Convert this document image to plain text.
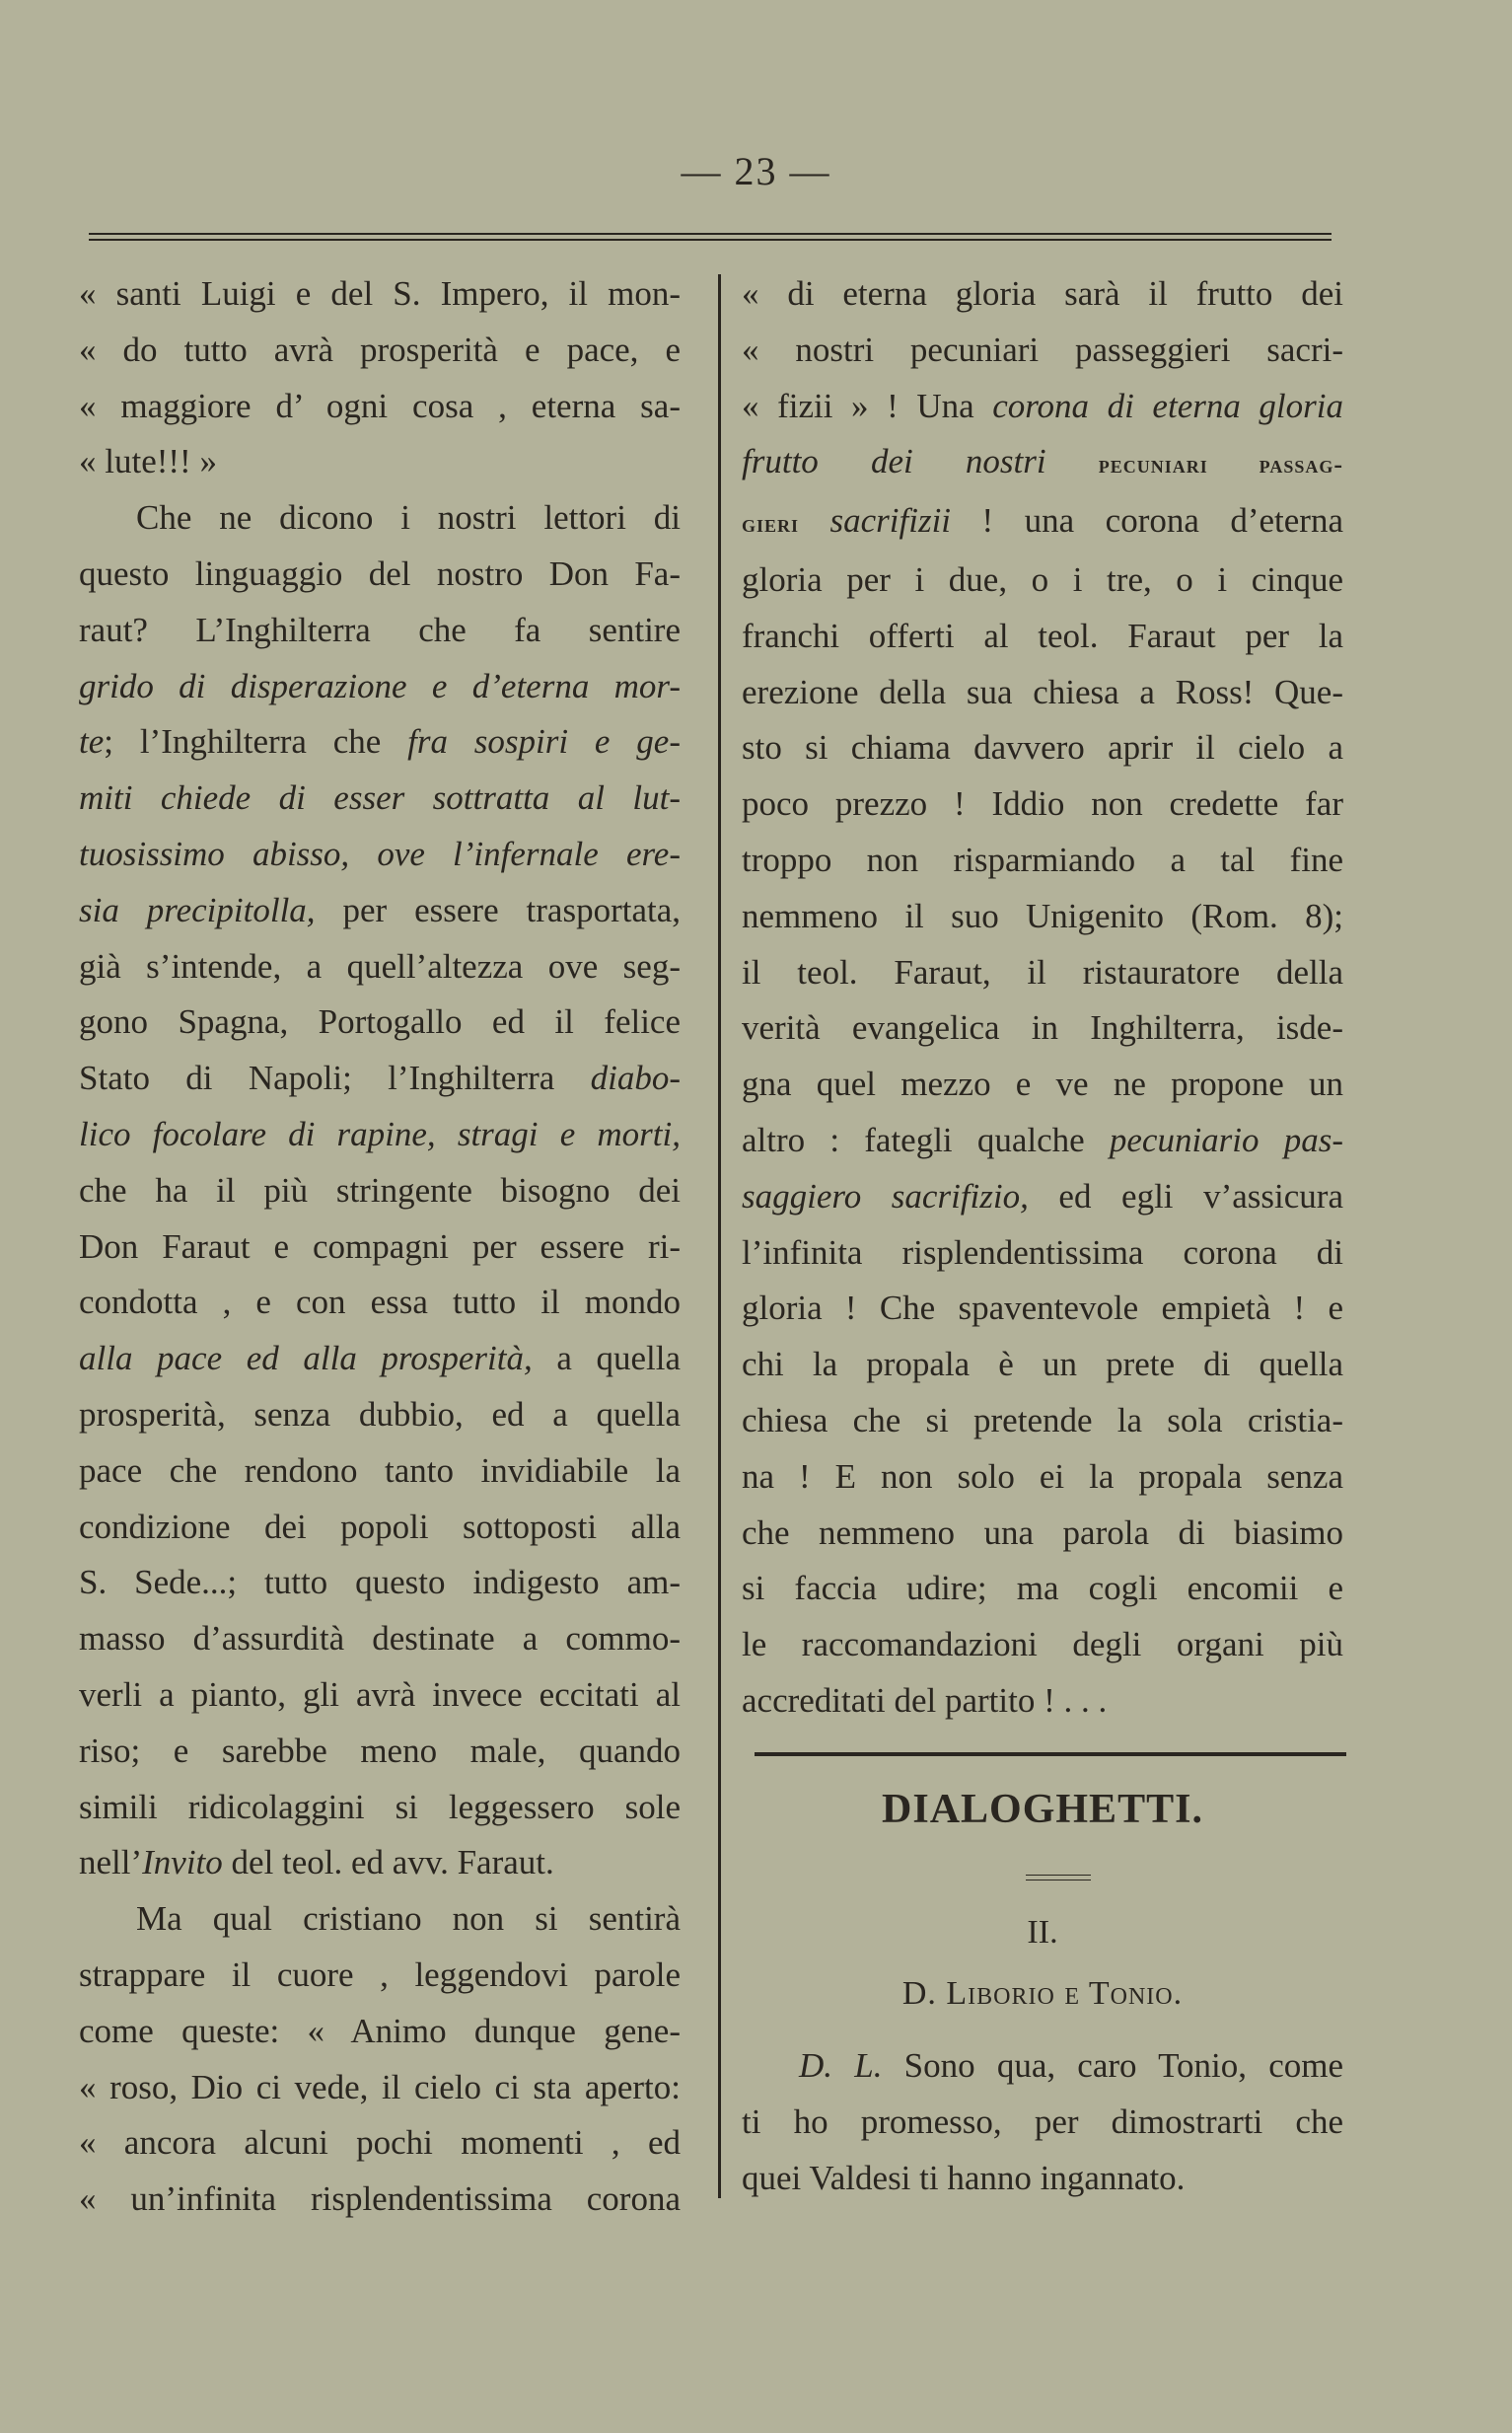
— 23 —
« santi Luigi e del S. Impero, il mon-
« do tutto avrà prosperità e pace, e
« maggiore d’ ogni cosa , eterna sa-
« lute!!! »
Che ne dicono i nostri lettori di
questo linguaggio del nostro Don Fa-
raut? L’Inghilterra che fa sentire
grido di disperazione e d’eterna mor-
te; l’Inghilterra che fra sospiri e ge-
miti chiede di esser sottratta al lut-
tuosissimo abisso, ove l’infernale ere-
sia precipitolla, per essere trasportata,
già s’intende, a quell’altezza ove seg-
gono Spagna, Portogallo ed il felice
Stato di Napoli; l’Inghilterra diabo-
lico focolare di rapine, stragi e morti,
che ha il più stringente bisogno dei
Don Faraut e compagni per essere ri-
condotta , e con essa tutto il mondo
alla pace ed alla prosperità, a quella
prosperità, senza dubbio, ed a quella
pace che rendono tanto invidiabile la
condizione dei popoli sottoposti alla
S. Sede...; tutto questo indigesto am-
masso d’assurdità destinate a commo-
verli a pianto, gli avrà invece eccitati al
riso; e sarebbe meno male, quando
simili ridicolaggini si leggessero sole
nell’Invito del teol. ed avv. Faraut.
Ma qual cristiano non si sentirà
strappare il cuore , leggendovi parole
come queste: « Animo dunque gene-
« roso, Dio ci vede, il cielo ci sta aperto:
« ancora alcuni pochi momenti , ed
« un’infinita risplendentissima corona
« di eterna gloria sarà il frutto dei
« nostri pecuniari passeggieri sacri-
« fizii » ! Una corona di eterna gloria
frutto dei nostri pecuniari passag-
gieri sacrifizii ! una corona d’eterna
gloria per i due, o i tre, o i cinque
franchi offerti al teol. Faraut per la
erezione della sua chiesa a Ross! Que-
sto si chiama davvero aprir il cielo a
poco prezzo ! Iddio non credette far
troppo non risparmiando a tal fine
nemmeno il suo Unigenito (Rom. 8);
il teol. Faraut, il ristauratore della
verità evangelica in Inghilterra, isde-
gna quel mezzo e ve ne propone un
altro : fategli qualche pecuniario pas-
saggiero sacrifizio, ed egli v’assicura
l’infinita risplendentissima corona di
gloria ! Che spaventevole empietà ! e
chi la propala è un prete di quella
chiesa che si pretende la sola cristia-
na ! E non solo ei la propala senza
che nemmeno una parola di biasimo
si faccia udire; ma cogli encomii e
le raccomandazioni degli organi più
accreditati del partito ! . . .
DIALOGHETTI.
II.
D. Liborio e Tonio.
D. L. Sono qua, caro Tonio, come
ti ho promesso, per dimostrarti che
quei Valdesi ti hanno ingannato.
